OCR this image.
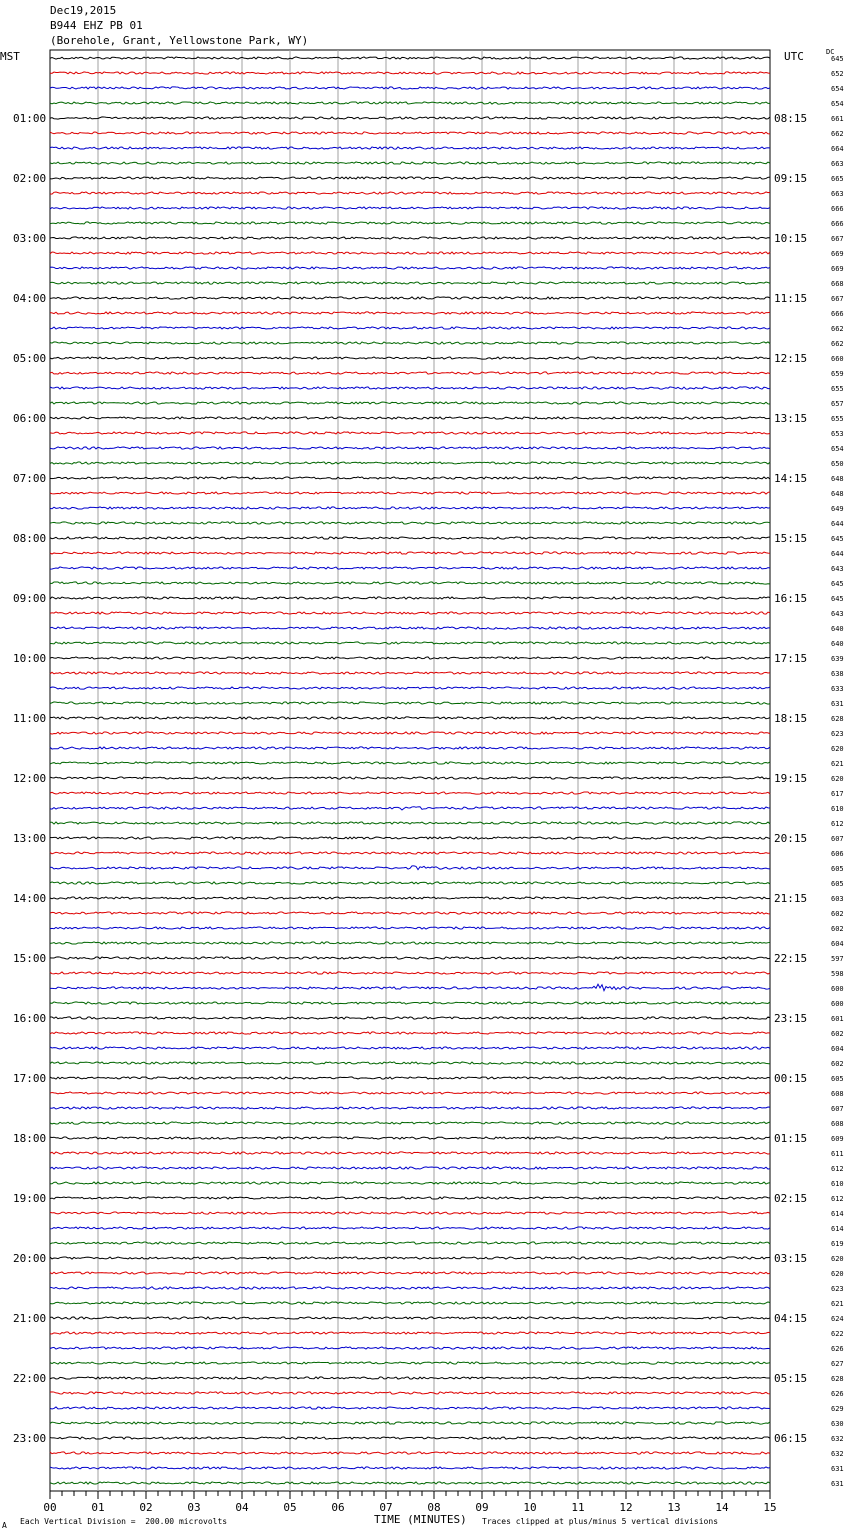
Dec19,2015
B944 EHZ PB 01
(Borehole, Grant, Yellowstone Park, WY)
MST	UTC	DC
645
652
654
654
661
662
664
663
665
663
666
666
667
669
669
668
667
666
662
662
660
659
655
657
655
653
654
650
648
648
649
644
645
644
643
645
645
643
640
640
639
638
633
631
628
623
620
621
620
617
610
612
607
606
605
605
603
602
602
604
597
598
600
600
601
602
604
602
605
608
607
608
609
611
612
610
612
614
614
619
620
620
623
621
624
622
626
627
628
626
629
630
632
632
631
631
01:00	08:15
02:00	09:15
03:00	10:15
04:00	11:15
05:00	12:15
06:00	13:15
07:00	14:15
08:00	15:15
09:00	16:15
10:00	17:15
11:00	18:15
12:00	19:15
13:00	20:15
14:00	21:15
15:00	22:15
16:00	23:15
17:00	00:15
18:00	01:15
19:00	02:15
20:00	03:15
21:00	04:15
22:00	05:15
23:00	06:15
00	01	02	03	04	05	06	07	08	09	10	11	12	13	14	15
A Each Vertical Division =  200.00 microvolts	TIME (MINUTES) Traces clipped at plus/minus 5 vertical divisions
